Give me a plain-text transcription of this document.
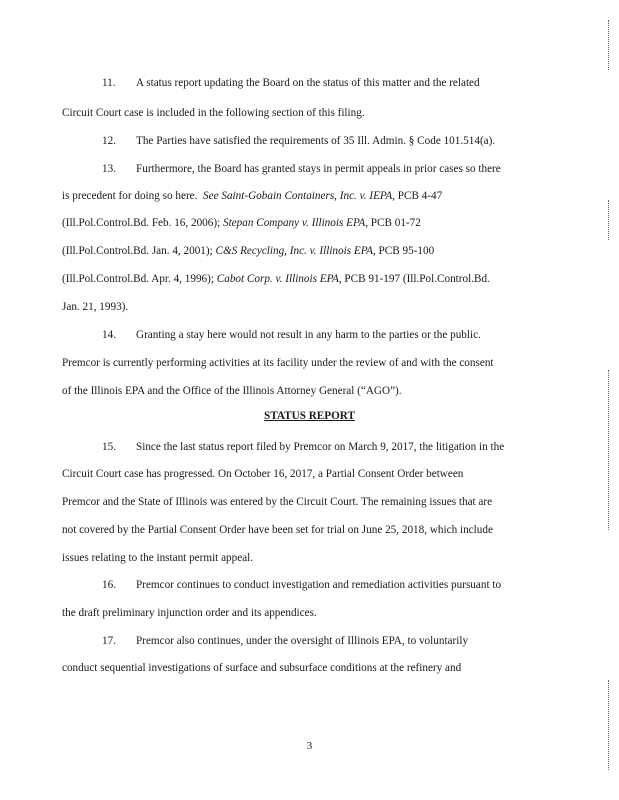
11. A status report updating the Board on the status of this matter and the related
Circuit Court case is included in the following section of this filing.
12. The Parties have satisfied the requirements of 35 Ill. Admin. § Code 101.514(a).
13. Furthermore, the Board has granted stays in permit appeals in prior cases so there
is precedent for doing so here. See Saint-Gobain Containers, Inc. v. IEPA, PCB 4-47
(Ill.Pol.Control.Bd. Feb. 16, 2006); Stepan Company v. Illinois EPA, PCB 01-72
(Ill.Pol.Control.Bd. Jan. 4, 2001); C&S Recycling, Inc. v. Illinois EPA, PCB 95-100
(Ill.Pol.Control.Bd. Apr. 4, 1996); Cabot Corp. v. Illinois EPA, PCB 91-197 (Ill.Pol.Control.Bd.
Jan. 21, 1993).
14. Granting a stay here would not result in any harm to the parties or the public.
Premcor is currently performing activities at its facility under the review of and with the consent
of the Illinois EPA and the Office of the Illinois Attorney General (“AGO”).
STATUS REPORT
15. Since the last status report filed by Premcor on March 9, 2017, the litigation in the
Circuit Court case has progressed. On October 16, 2017, a Partial Consent Order between
Premcor and the State of Illinois was entered by the Circuit Court. The remaining issues that are
not covered by the Partial Consent Order have been set for trial on June 25, 2018, which include
issues relating to the instant permit appeal.
16. Premcor continues to conduct investigation and remediation activities pursuant to
the draft preliminary injunction order and its appendices.
17. Premcor also continues, under the oversight of Illinois EPA, to voluntarily
conduct sequential investigations of surface and subsurface conditions at the refinery and
3
